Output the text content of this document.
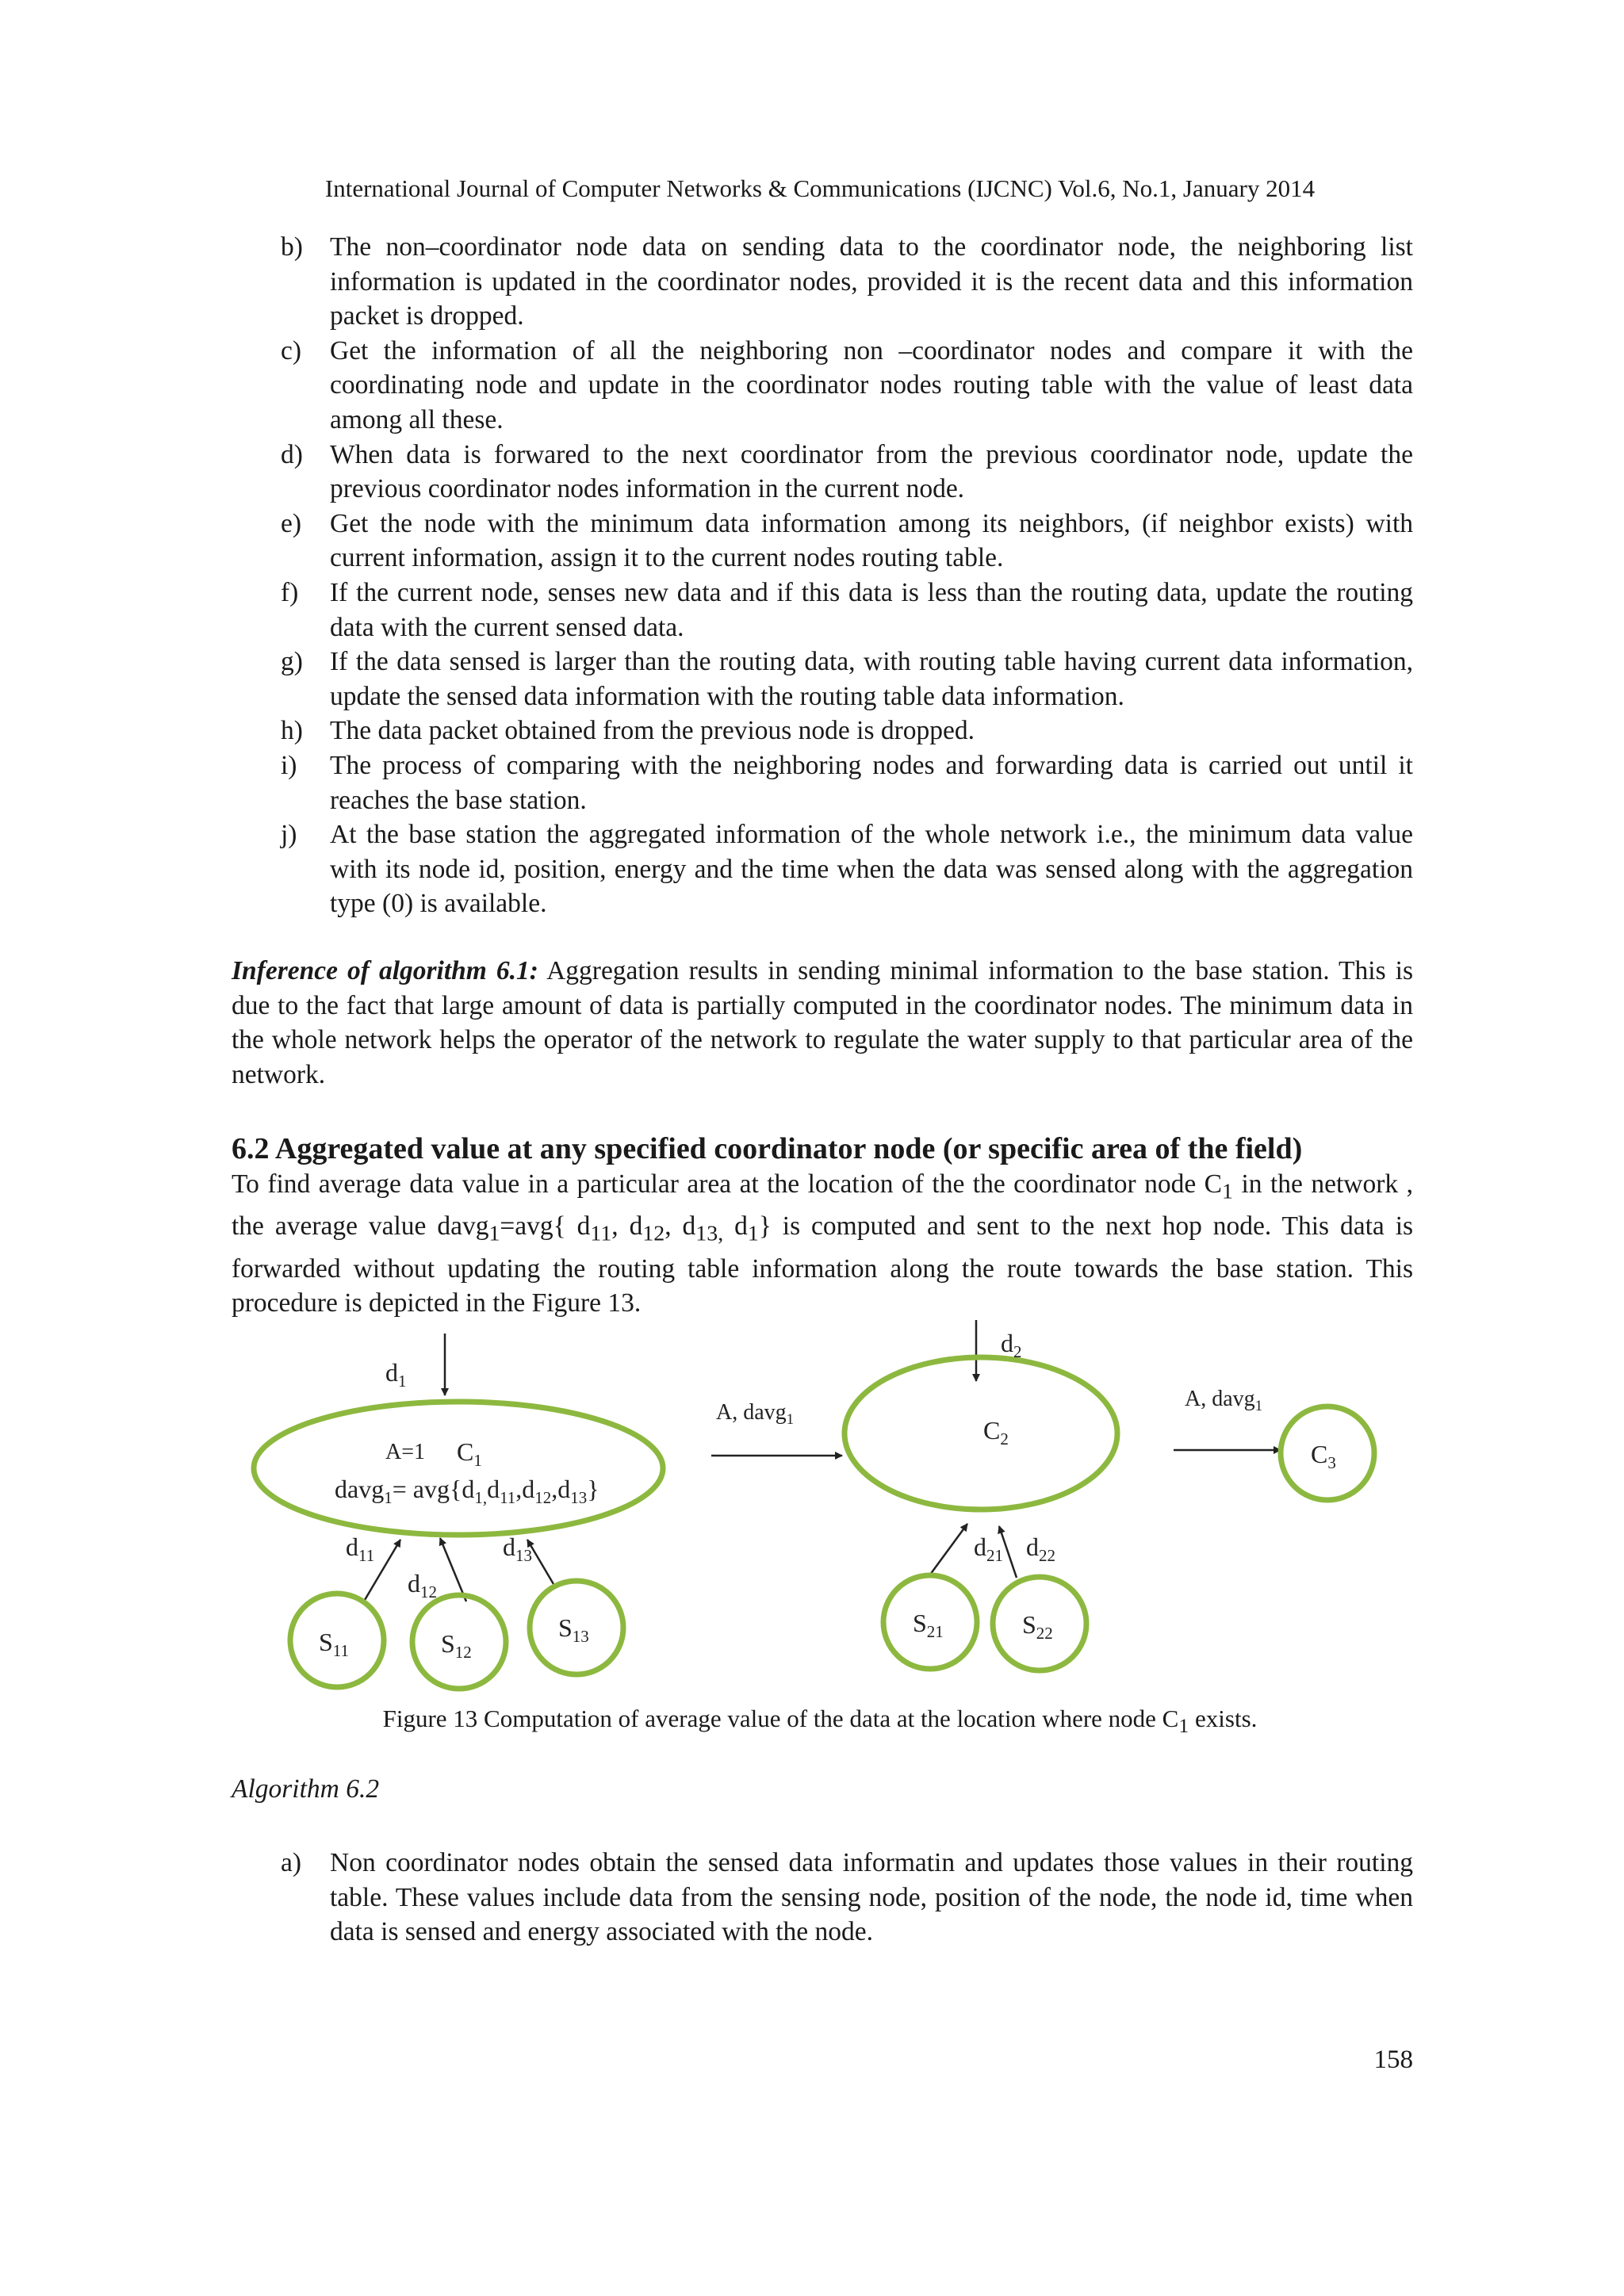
International Journal of Computer Networks & Communications (IJCNC) Vol.6, No.1, January 2014
b) The non–coordinator node data on sending data to the coordinator node, the neighboring list information is updated in the coordinator nodes, provided it is the recent data and this information packet is dropped.
c) Get the information of all the neighboring non –coordinator nodes and compare it with the coordinating node and update in the coordinator nodes routing table with the value of least data among all these.
d) When data is forwared to the next coordinator from the previous coordinator node, update the previous coordinator nodes information in the current node.
e) Get the node with the minimum data information among its neighbors, (if neighbor exists) with current information, assign it to the current nodes routing table.
f) If the current node, senses new data and if this data is less than the routing data, update the routing data with the current sensed data.
g) If the data sensed is larger than the routing data, with routing table having current data information, update the sensed data information with the routing table data information.
h) The data packet obtained from the previous node is dropped.
i) The process of comparing with the neighboring nodes and forwarding data is carried out until it reaches the base station.
j) At the base station the aggregated information of the whole network i.e., the minimum data value with its node id, position, energy and the time when the data was sensed along with the aggregation type (0) is available.
Inference of algorithm 6.1: Aggregation results in sending minimal information to the base station. This is due to the fact that large amount of data is partially computed in the coordinator nodes. The minimum data in the whole network helps the operator of the network to regulate the water supply to that particular area of the network.
6.2 Aggregated value at any specified coordinator node (or specific area of the field)
To find average data value in a particular area at the location of the the coordinator node $C_1$ in the network , the average value davg$_1$=avg{ $d_{11}$, $d_{12}$, $d_{13,}$ $d_1$} is computed and sent to the next hop node. This data is forwarded without updating the routing table information along the route towards the base station. This procedure is depicted in the Figure 13.
$d_1$
$d_2$
A=1 $C_1$
davg$_1$= $avg\{d_{1,}d_{11},d_{12},d_{13}\}$
$C_2$
$C_3$
A, davg$_1$
A, davg$_1$
$d_{11}$
$d_{12}$
$d_{13}$	$d_{21}$ $d_{22}$
$S_{11}$	$S_{12}$
$S_{13}$	$S_{21}$	$S_{22}$
Figure 13 Computation of average value of the data at the location where node $C_1$ exists.
Algorithm 6.2
a) Non coordinator nodes obtain the sensed data informatin and updates those values in their routing table. These values include data from the sensing node, position of the node, the node id, time when data is sensed and energy associated with the node.
158
